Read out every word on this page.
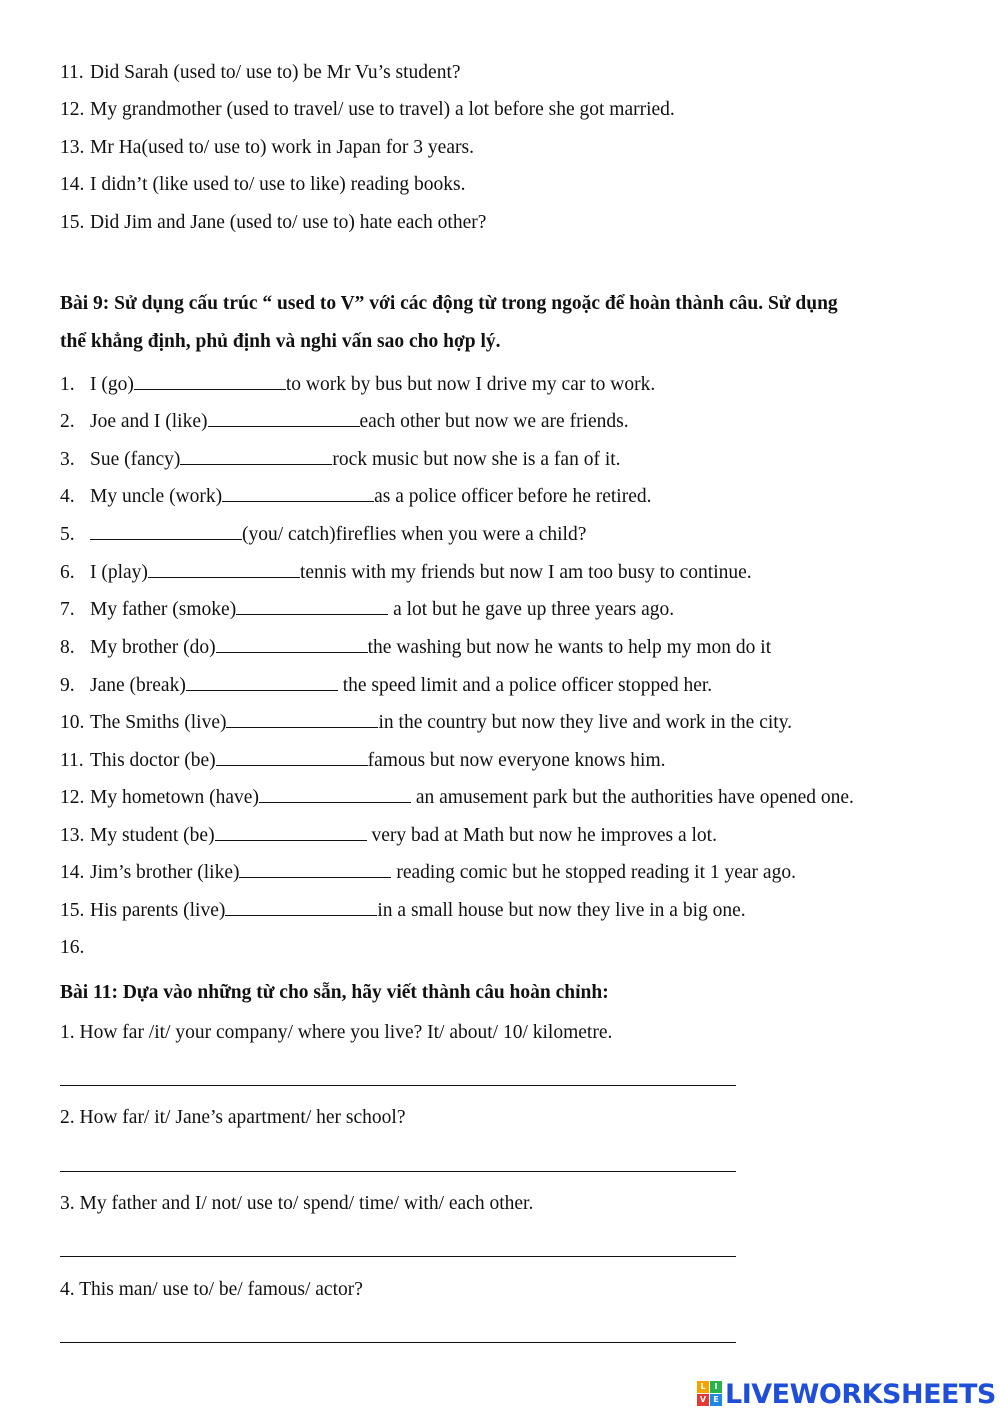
11. Did Sarah (used to/ use to) be Mr Vu’s student?
12. My grandmother (used to travel/ use to travel) a lot before she got married.
13. Mr Ha(used to/ use to) work in Japan for 3 years.
14. I didn’t (like used to/ use to like) reading books.
15. Did Jim and Jane (used to/ use to) hate each other?
Bài 9: Sử dụng cấu trúc “ used to V” với các động từ trong ngoặc để hoàn thành câu. Sử dụng
thể khẳng định, phủ định và nghi vấn sao cho hợp lý.
1. I (go)	to work by bus but now I drive my car to work.
2. Joe and I (like)	each other but now we are friends.
3. Sue (fancy)	rock music but now she is a fan of it.
4. My uncle (work)	as a police officer before he retired.
5.	(you/ catch)fireflies when you were a child?
6. I (play)	tennis with my friends but now I am too busy to continue.
7. My father (smoke)	a lot but he gave up three years ago.
8. My brother (do)	the washing but now he wants to help my mon do it
9. Jane (break)	the speed limit and a police officer stopped her.
10. The Smiths (live)	in the country but now they live and work in the city.
11. This doctor (be)	famous but now everyone knows him.
12. My hometown (have)	an amusement park but the authorities have opened one.
13. My student (be)	very bad at Math but now he improves a lot.
14. Jim’s brother (like)	reading comic but he stopped reading it 1 year ago.
15. His parents (live)	in a small house but now they live in a big one.
16.
Bài 11: Dựa vào những từ cho sẵn, hãy viết thành câu hoàn chỉnh:
1. How far /it/ your company/ where you live? It/ about/ 10/ kilometre.
2. How far/ it/ Jane’s apartment/ her school?
3. My father and I/ not/ use to/ spend/ time/ with/ each other.
4. This man/ use to/ be/ famous/ actor?
L	I
V E LIVEWORKSHEETS
